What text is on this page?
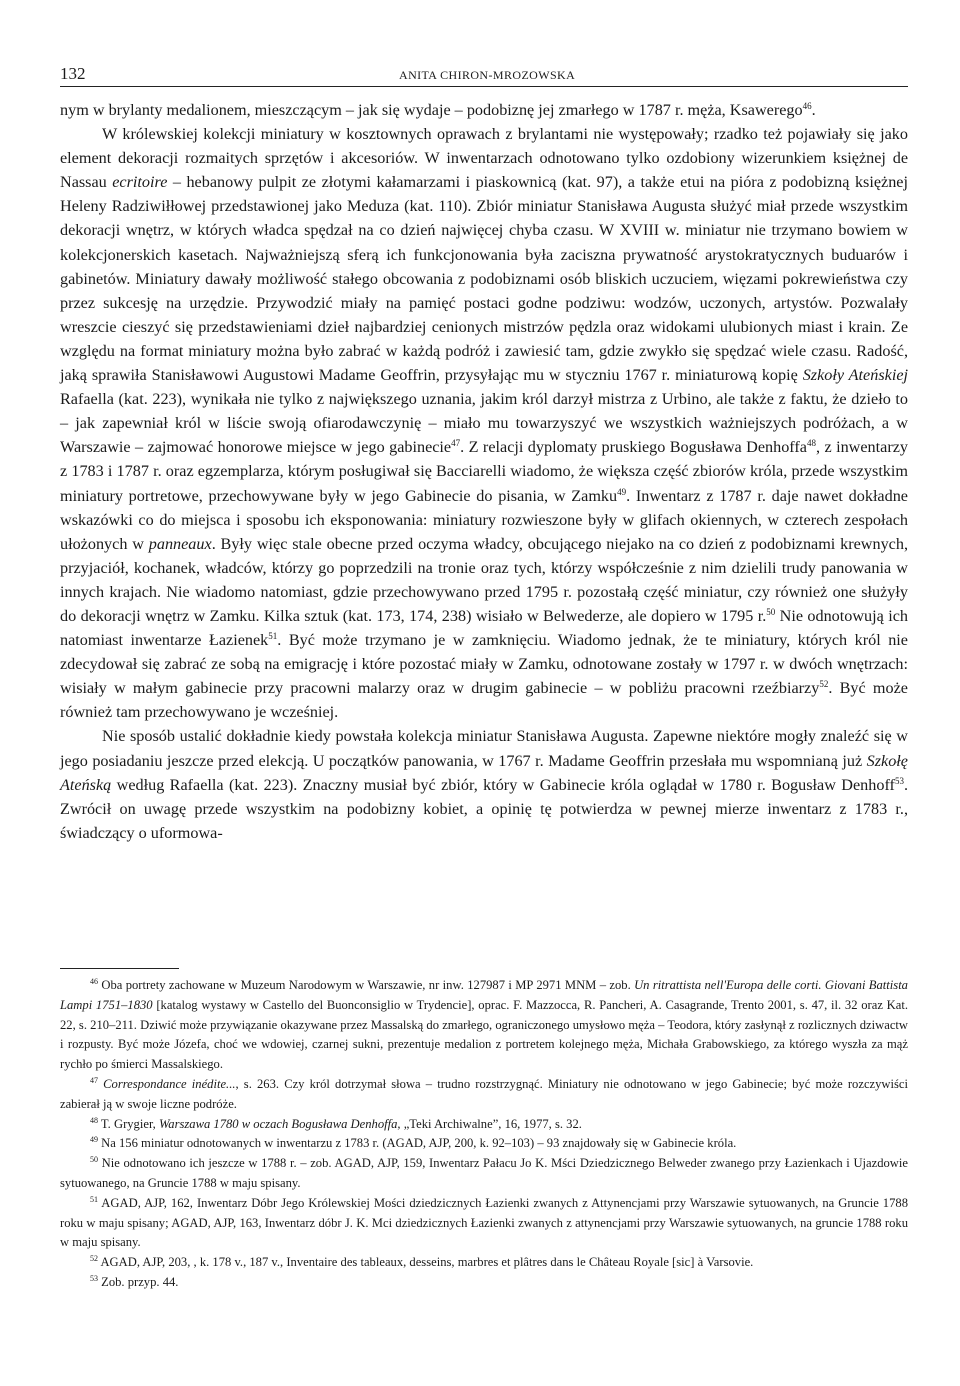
132	ANITA CHIRON-MROZOWSKA

nym w brylanty medalionem, mieszczącym – jak się wydaje – podobiznę jej zmarłego w 1787 r. męża, Ksawerego$^{46}$.

W królewskiej kolekcji miniatury w kosztownych oprawach z brylantami nie występowały; rzadko też pojawiały się jako element dekoracji rozmaitych sprzętów i akcesoriów. W inwentarzach odnotowano tylko ozdobiony wizerunkiem księżnej de Nassau ecritoire – hebanowy pulpit ze złotymi kałamarzami i piaskownicą (kat. 97), a także etui na pióra z podobizną księżnej Heleny Radziwiłłowej przedstawionej jako Meduza (kat. 110). Zbiór miniatur Stanisława Augusta służyć miał przede wszystkim dekoracji wnętrz, w których władca spędzał na co dzień najwięcej chyba czasu. W XVIII w. miniatur nie trzymano bowiem w kolekcjonerskich kasetach. Najważniejszą sferą ich funkcjonowania była zaciszna prywatność arystokratycznych buduarów i gabinetów. Miniatury dawały możliwość stałego obcowania z podobiznami osób bliskich uczuciem, więzami pokrewieństwa czy przez sukcesję na urzędzie. Przywodzić miały na pamięć postaci godne podziwu: wodzów, uczonych, artystów. Pozwalały wreszcie cieszyć się przedstawieniami dzieł najbardziej cenionych mistrzów pędzla oraz widokami ulubionych miast i krain. Ze względu na format miniatury można było zabrać w każdą podróż i zawiesić tam, gdzie zwykło się spędzać wiele czasu. Radość, jaką sprawiła Stanisławowi Augustowi Madame Geoffrin, przysyłając mu w styczniu 1767 r. miniaturową kopię Szkoły Ateńskiej Rafaella (kat. 223), wynikała nie tylko z największego uznania, jakim król darzył mistrza z Urbino, ale także z faktu, że dzieło to – jak zapewniał król w liście swoją ofiarodawczynię – miało mu towarzyszyć we wszystkich ważniejszych podróżach, a w Warszawie – zajmować honorowe miejsce w jego gabinecie$^{47}$. Z relacji dyplomaty pruskiego Bogusława Denhoffa$^{48}$, z inwentarzy z 1783 i 1787 r. oraz egzemplarza, którym posługiwał się Bacciarelli wiadomo, że większa część zbiorów króla, przede wszystkim miniatury portretowe, przechowywane były w jego Gabinecie do pisania, w Zamku$^{49}$. Inwentarz z 1787 r. daje nawet dokładne wskazówki co do miejsca i sposobu ich eksponowania: miniatury rozwieszone były w glifach okiennych, w czterech zespołach ułożonych w panneaux. Były więc stale obecne przed oczyma władcy, obcującego niejako na co dzień z podobiznami krewnych, przyjaciół, kochanek, władców, którzy go poprzedzili na tronie oraz tych, którzy współcześnie z nim dzielili trudy panowania w innych krajach. Nie wiadomo natomiast, gdzie przechowywano przed 1795 r. pozostałą część miniatur, czy również one służyły do dekoracji wnętrz w Zamku. Kilka sztuk (kat. 173, 174, 238) wisiało w Belwederze, ale dopiero w 1795 r.$^{50}$ Nie odnotowują ich natomiast inwentarze Łazienek$^{51}$. Być może trzymano je w zamknięciu. Wiadomo jednak, że te miniatury, których król nie zdecydował się zabrać ze sobą na emigrację i które pozostać miały w Zamku, odnotowane zostały w 1797 r. w dwóch wnętrzach: wisiały w małym gabinecie przy pracowni malarzy oraz w drugim gabinecie – w pobliżu pracowni rzeźbiarzy$^{52}$. Być może również tam przechowywano je wcześniej.

Nie sposób ustalić dokładnie kiedy powstała kolekcja miniatur Stanisława Augusta. Zapewne niektóre mogły znaleźć się w jego posiadaniu jeszcze przed elekcją. U początków panowania, w 1767 r. Madame Geoffrin przesłała mu wspomnianą już Szkołę Ateńską według Rafaella (kat. 223). Znaczny musiał być zbiór, który w Gabinecie króla oglądał w 1780 r. Bogusław Denhoff$^{53}$. Zwrócił on uwagę przede wszystkim na podobizny kobiet, a opinię tę potwierdza w pewnej mierze inwentarz z 1783 r., świadczący o uformowa-

$^{46}$ Oba portrety zachowane w Muzeum Narodowym w Warszawie, nr inw. 127987 i MP 2971 MNM – zob. Un ritrattista nell'Europa delle corti. Giovani Battista Lampi 1751–1830 [katalog wystawy w Castello del Buonconsiglio w Trydencie], oprac. F. Mazzocca, R. Pancheri, A. Casagrande, Trento 2001, s. 47, il. 32 oraz Kat. 22, s. 210–211. Dziwić może przywiązanie okazywane przez Massalską do zmarłego, ograniczonego umysłowo męża – Teodora, który zasłynął z rozlicznych dziwactw i rozpusty. Być może Józefa, choć we wdowiej, czarnej sukni, prezentuje medalion z portretem kolejnego męża, Michała Grabowskiego, za którego wyszła za mąż rychło po śmierci Massalskiego.

$^{47}$ Correspondance inédite..., s. 263. Czy król dotrzymał słowa – trudno rozstrzygnąć. Miniatury nie odnotowano w jego Gabinecie; być może rozczywiści zabierał ją w swoje liczne podróże.

$^{48}$ T. Grygier, Warszawa 1780 w oczach Bogusława Denhoffa, „Teki Archiwalne”, 16, 1977, s. 32.

$^{49}$ Na 156 miniatur odnotowanych w inwentarzu z 1783 r. (AGAD, AJP, 200, k. 92–103) – 93 znajdowały się w Gabinecie króla.

$^{50}$ Nie odnotowano ich jeszcze w 1788 r. – zob. AGAD, AJP, 159, Inwentarz Pałacu Jo K. Mści Dziedzicznego Belweder zwanego przy Łazienkach i Ujazdowie sytuowanego, na Gruncie 1788 w maju spisany.

$^{51}$ AGAD, AJP, 162, Inwentarz Dóbr Jego Królewskiej Mości dziedzicznych Łazienki zwanych z Attynencjami przy Warszawie sytuowanych, na Gruncie 1788 roku w maju spisany; AGAD, AJP, 163, Inwentarz dóbr J. K. Mci dziedzicznych Łazienki zwanych z attynencjami przy Warszawie sytuowanych, na gruncie 1788 roku w maju spisany.

$^{52}$ AGAD, AJP, 203, , k. 178 v., 187 v., Inventaire des tableaux, desseins, marbres et plâtres dans le Château Royale [sic] à Varsovie.

$^{53}$ Zob. przyp. 44.
